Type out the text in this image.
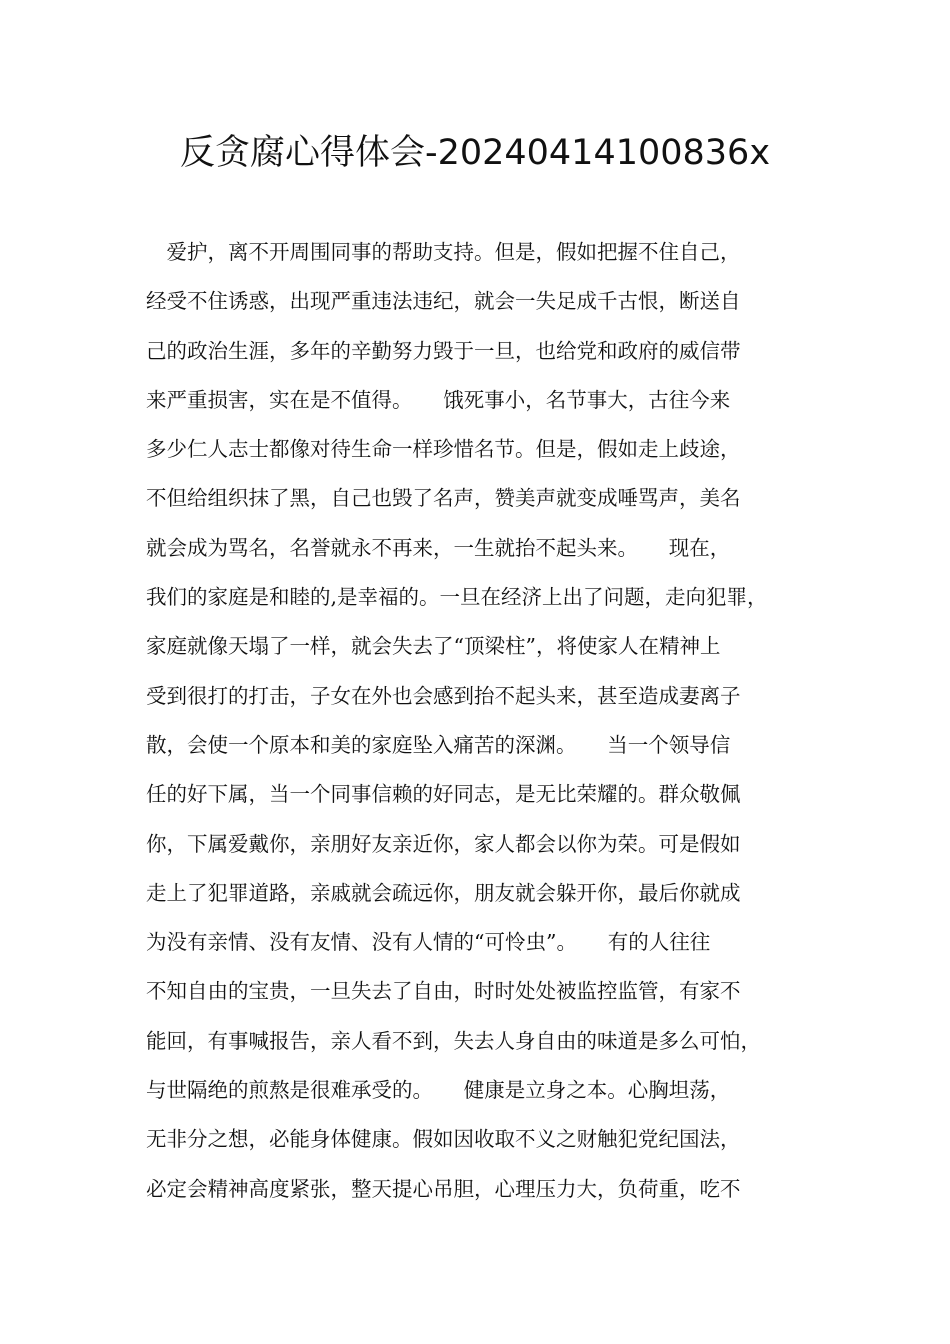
反贪腐心得体会-20240414100836x
　爱护，离不开周围同事的帮助支持。但是，假如把握不住自己，
经受不住诱惑，出现严重违法违纪，就会一失足成千古恨，断送自
己的政治生涯，多年的辛勤努力毁于一旦，也给党和政府的威信带
来严重损害，实在是不值得。　　饿死事小，名节事大，古往今来
多少仁人志士都像对待生命一样珍惜名节。但是，假如走上歧途，
不但给组织抹了黑，自己也毁了名声，赞美声就变成唾骂声，美名
就会成为骂名，名誉就永不再来，一生就抬不起头来。　　现在，
我们的家庭是和睦的,是幸福的。一旦在经济上出了问题，走向犯罪，
家庭就像天塌了一样，就会失去了“顶梁柱”，将使家人在精神上
受到很打的打击，子女在外也会感到抬不起头来，甚至造成妻离子
散，会使一个原本和美的家庭坠入痛苦的深渊。　　当一个领导信
任的好下属，当一个同事信赖的好同志，是无比荣耀的。群众敬佩
你，下属爱戴你，亲朋好友亲近你，家人都会以你为荣。可是假如
走上了犯罪道路，亲戚就会疏远你，朋友就会躲开你，最后你就成
为没有亲情、没有友情、没有人情的“可怜虫”。　　有的人往往
不知自由的宝贵，一旦失去了自由，时时处处被监控监管，有家不
能回，有事喊报告，亲人看不到，失去人身自由的味道是多么可怕，
与世隔绝的煎熬是很难承受的。　　健康是立身之本。心胸坦荡，
无非分之想，必能身体健康。假如因收取不义之财触犯党纪国法，
必定会精神高度紧张，整天提心吊胆，心理压力大，负荷重，吃不
